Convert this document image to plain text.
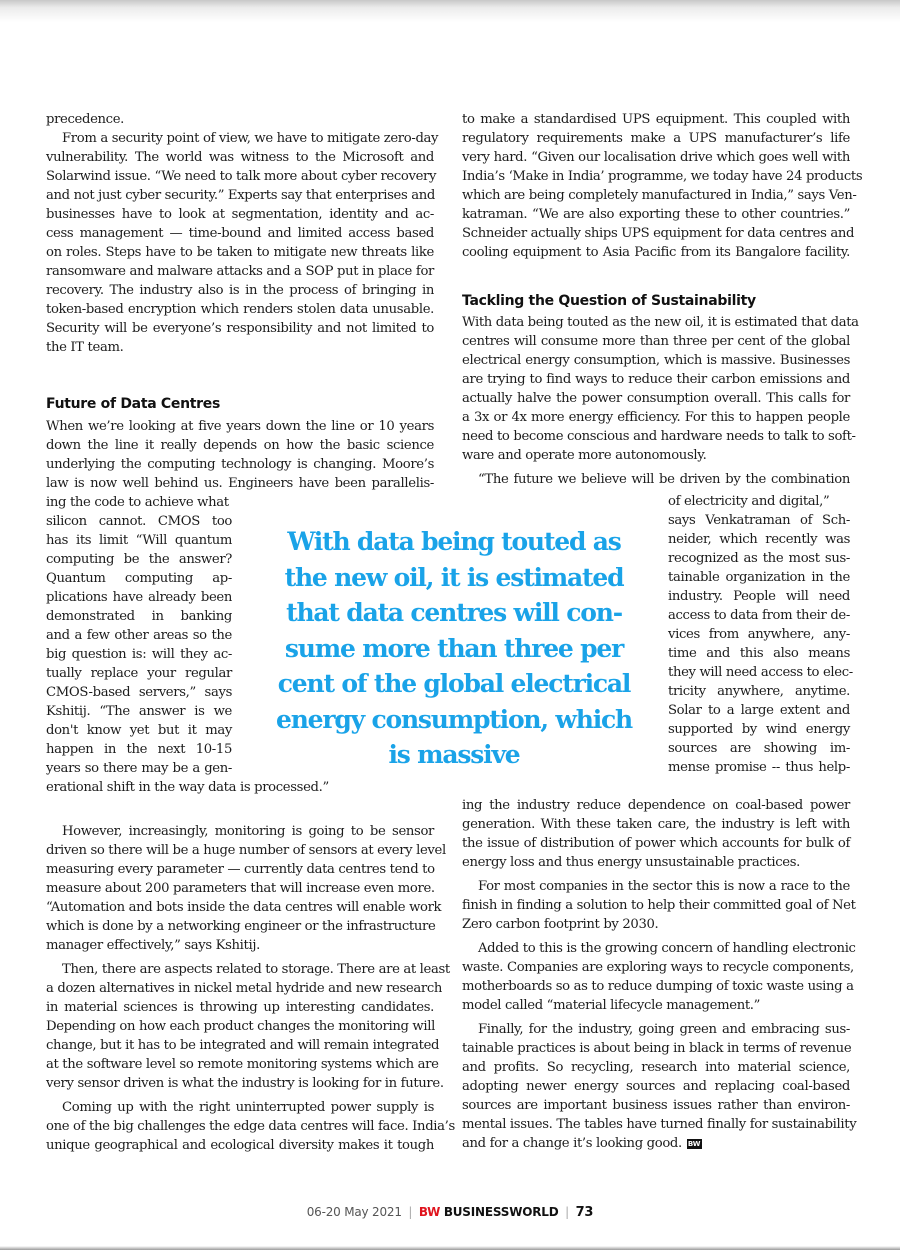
precedence.
From a security point of view, we have to mitigate zero-day
vulnerability. The world was witness to the Microsoft and
Solarwind issue. “We need to talk more about cyber recovery
and not just cyber security.” Experts say that enterprises and
businesses have to look at segmentation, identity and ac-
cess management — time-bound and limited access based
on roles. Steps have to be taken to mitigate new threats like
ransomware and malware attacks and a SOP put in place for
recovery. The industry also is in the process of bringing in
token-based encryption which renders stolen data unusable.
Security will be everyone’s responsibility and not limited to
the IT team.
When we’re looking at five years down the line or 10 years
down the line it really depends on how the basic science
underlying the computing technology is changing. Moore’s
law is now well behind us. Engineers have been parallelis-
ing the code to achieve what
silicon cannot. CMOS too
has its limit “Will quantum
computing be the answer?
Quantum computing ap-
plications have already been
demonstrated in banking
and a few other areas so the
big question is: will they ac-
tually replace your regular
CMOS-based servers,” says
Kshitij. “The answer is we
don't know yet but it may
happen in the next 10-15
years so there may be a gen-
erational shift in the way data is processed.”
However, increasingly, monitoring is going to be sensor
driven so there will be a huge number of sensors at every level
measuring every parameter — currently data centres tend to
measure about 200 parameters that will increase even more.
“Automation and bots inside the data centres will enable work
which is done by a networking engineer or the infrastructure
manager effectively,” says Kshitij.
Then, there are aspects related to storage. There are at least
a dozen alternatives in nickel metal hydride and new research
in material sciences is throwing up interesting candidates.
Depending on how each product changes the monitoring will
change, but it has to be integrated and will remain integrated
at the software level so remote monitoring systems which are
very sensor driven is what the industry is looking for in future.
Coming up with the right uninterrupted power supply is
one of the big challenges the edge data centres will face. India’s
unique geographical and ecological diversity makes it tough
to make a standardised UPS equipment. This coupled with
regulatory requirements make a UPS manufacturer’s life
very hard. “Given our localisation drive which goes well with
India’s ‘Make in India’ programme, we today have 24 products
which are being completely manufactured in India,” says Ven-
katraman. “We are also exporting these to other countries.”
Schneider actually ships UPS equipment for data centres and
cooling equipment to Asia Pacific from its Bangalore facility.
With data being touted as the new oil, it is estimated that data
centres will consume more than three per cent of the global
electrical energy consumption, which is massive. Businesses
are trying to find ways to reduce their carbon emissions and
actually halve the power consumption overall. This calls for
a 3x or 4x more energy efficiency. For this to happen people
need to become conscious and hardware needs to talk to soft-
ware and operate more autonomously.
“The future we believe will be driven by the combination
of electricity and digital,”
says Venkatraman of Sch-
neider, which recently was
recognized as the most sus-
tainable organization in the
industry. People will need
access to data from their de-
vices from anywhere, any-
time and this also means
they will need access to elec-
tricity anywhere, anytime.
Solar to a large extent and
supported by wind energy
sources are showing im-
mense promise -- thus help-
ing the industry reduce dependence on coal-based power
generation. With these taken care, the industry is left with
the issue of distribution of power which accounts for bulk of
energy loss and thus energy unsustainable practices.
For most companies in the sector this is now a race to the
finish in finding a solution to help their committed goal of Net
Zero carbon footprint by 2030.
Added to this is the growing concern of handling electronic
waste. Companies are exploring ways to recycle components,
motherboards so as to reduce dumping of toxic waste using a
model called “material lifecycle management.”
Finally, for the industry, going green and embracing sus-
tainable practices is about being in black in terms of revenue
and profits. So recycling, research into material science,
adopting newer energy sources and replacing coal-based
sources are important business issues rather than environ-
mental issues. The tables have turned finally for sustainability
and for a change it’s looking good. BW
Future of Data Centres
Tackling the Question of Sustainability
With data being touted as
the new oil, it is estimated
that data centres will con-
sume more than three per
cent of the global electrical
energy consumption, which
is massive
06-20 May 2021 | BW BUSINESSWORLD | 73
